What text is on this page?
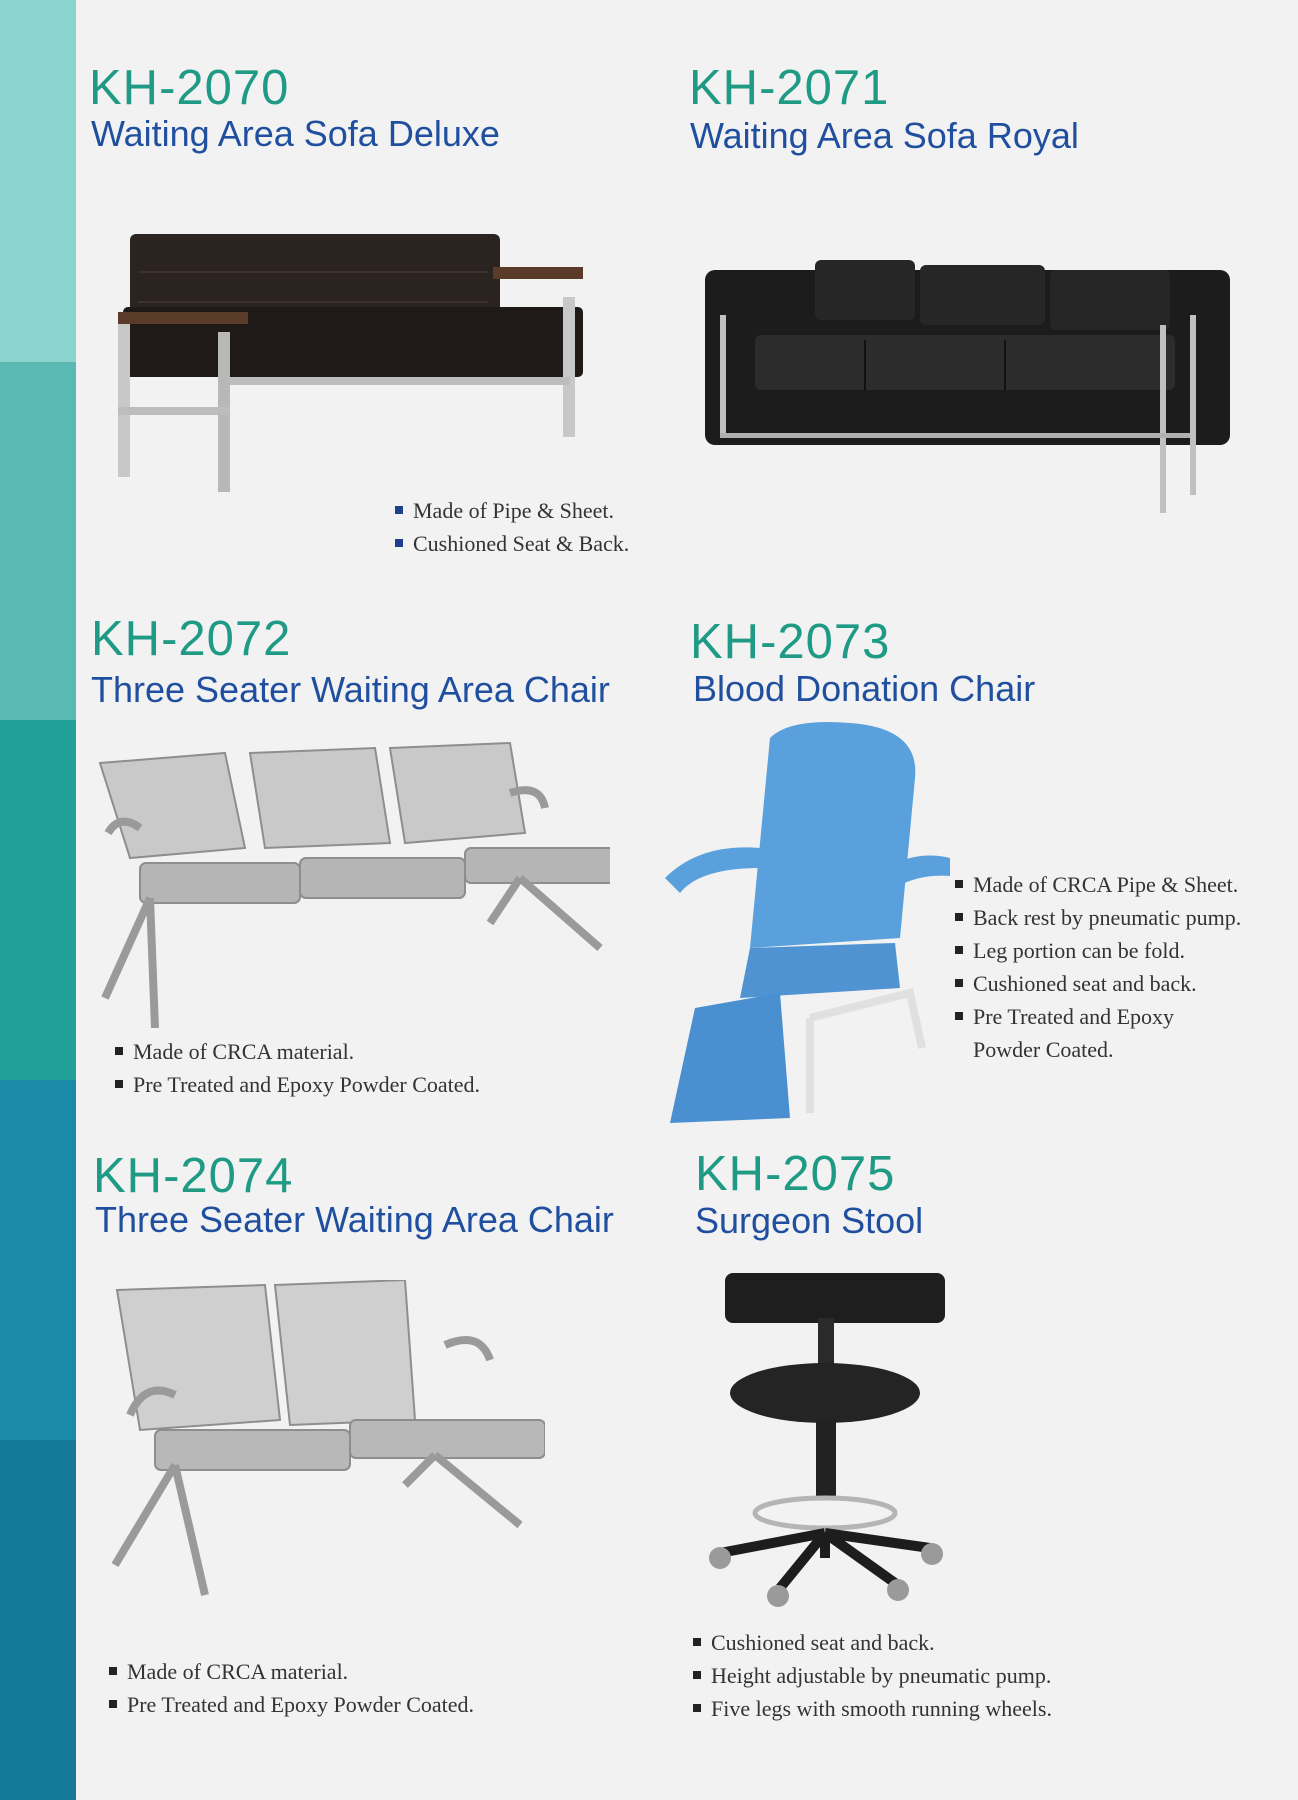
KH-2070
Waiting Area Sofa Deluxe
KH-2071
Waiting Area Sofa Royal
Made of Pipe & Sheet.
Cushioned Seat & Back.
KH-2072
Three Seater Waiting Area Chair
Made of CRCA material.
Pre Treated and Epoxy Powder Coated.
KH-2073
Blood Donation Chair
Made of CRCA Pipe & Sheet.
Back rest by pneumatic pump.
Leg portion can be fold.
Cushioned seat and back.
Pre Treated and Epoxy
Powder Coated.
KH-2074
Three Seater Waiting Area Chair
Made of CRCA material.
Pre Treated and Epoxy Powder Coated.
KH-2075
Surgeon Stool
Cushioned seat and back.
Height adjustable by pneumatic pump.
Five legs with smooth running wheels.
